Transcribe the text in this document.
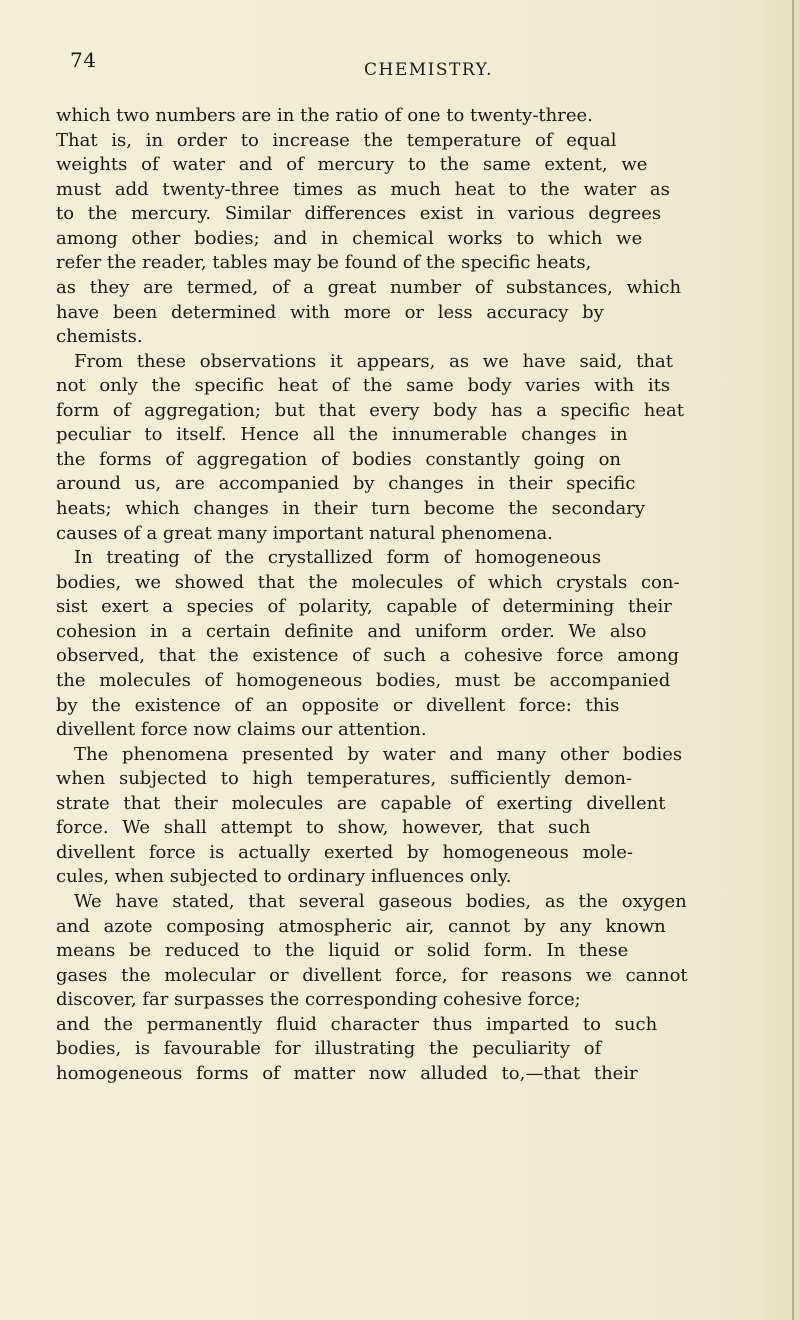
74	CHEMISTRY.
which two numbers are in the ratio of one to twenty-three.
That is, in order to increase the temperature of equal
weights of water and of mercury to the same extent, we
must add twenty-three times as much heat to the water as
to the mercury. Similar differences exist in various degrees
among other bodies; and in chemical works to which we
refer the reader, tables may be found of the specific heats,
as they are termed, of a great number of substances, which
have been determined with more or less accuracy by
chemists.
From these observations it appears, as we have said, that
not only the specific heat of the same body varies with its
form of aggregation; but that every body has a specific heat
peculiar to itself. Hence all the innumerable changes in
the forms of aggregation of bodies constantly going on
around us, are accompanied by changes in their specific
heats; which changes in their turn become the secondary
causes of a great many important natural phenomena.
In treating of the crystallized form of homogeneous
bodies, we showed that the molecules of which crystals con-
sist exert a species of polarity, capable of determining their
cohesion in a certain definite and uniform order. We also
observed, that the existence of such a cohesive force among
the molecules of homogeneous bodies, must be accompanied
by the existence of an opposite or divellent force: this
divellent force now claims our attention.
The phenomena presented by water and many other bodies
when subjected to high temperatures, sufficiently demon-
strate that their molecules are capable of exerting divellent
force. We shall attempt to show, however, that such
divellent force is actually exerted by homogeneous mole-
cules, when subjected to ordinary influences only.
We have stated, that several gaseous bodies, as the oxygen
and azote composing atmospheric air, cannot by any known
means be reduced to the liquid or solid form. In these
gases the molecular or divellent force, for reasons we cannot
discover, far surpasses the corresponding cohesive force;
and the permanently fluid character thus imparted to such
bodies, is favourable for illustrating the peculiarity of
homogeneous forms of matter now alluded to,—that their
